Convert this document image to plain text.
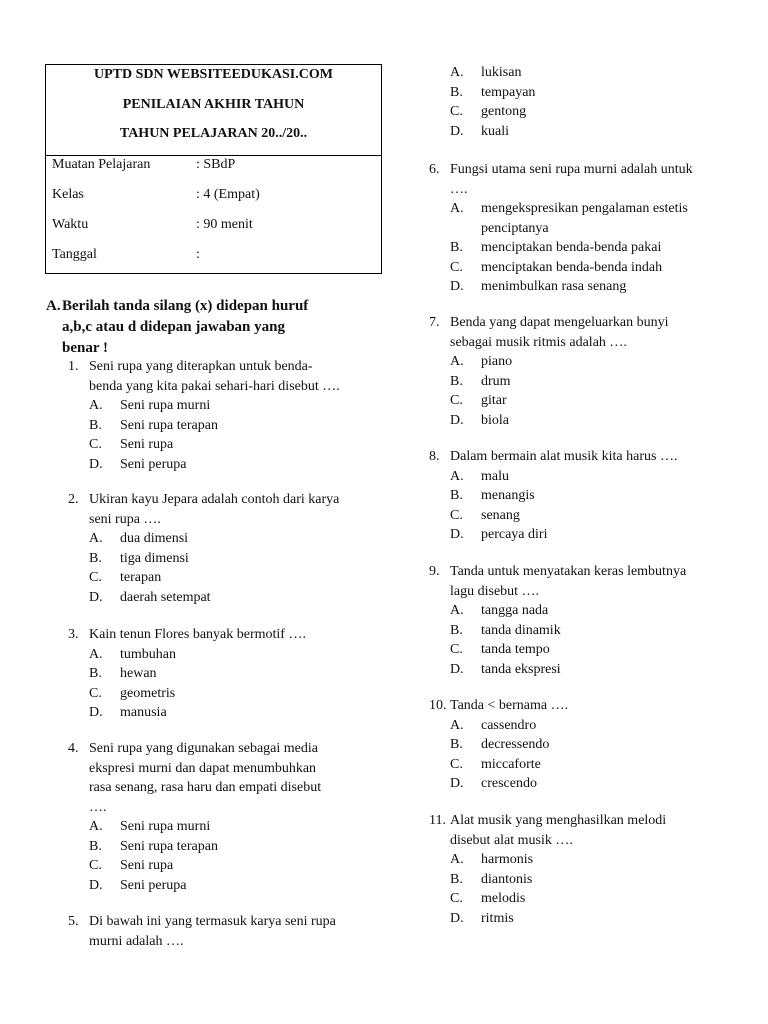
UPTD SDN WEBSITEEDUKASI.COM
PENILAIAN AKHIR TAHUN
TAHUN PELAJARAN 20../20..
Muatan Pelajaran	: SBdP
Kelas	: 4 (Empat)
Waktu	: 90 menit
Tanggal	:
A. Berilah tanda silang (x) didepan huruf
a,b,c atau d didepan jawaban yang
benar !
1. Seni rupa yang diterapkan untuk benda-
benda yang kita pakai sehari-hari disebut ….
A. Seni rupa murni
B. Seni rupa terapan
C. Seni rupa
D. Seni perupa
2. Ukiran kayu Jepara adalah contoh dari karya
seni rupa ….
A. dua dimensi
B. tiga dimensi
C. terapan
D. daerah setempat
3. Kain tenun Flores banyak bermotif ….
A. tumbuhan
B. hewan
C. geometris
D. manusia
4. Seni rupa yang digunakan sebagai media
ekspresi murni dan dapat menumbuhkan
rasa senang, rasa haru dan empati disebut
….
A. Seni rupa murni
B. Seni rupa terapan
C. Seni rupa
D. Seni perupa
5. Di bawah ini yang termasuk karya seni rupa
murni adalah ….
A. lukisan
B. tempayan
C. gentong
D. kuali
6. Fungsi utama seni rupa murni adalah untuk
….
A. mengekspresikan pengalaman estetis
penciptanya
B. menciptakan benda-benda pakai
C. menciptakan benda-benda indah
D. menimbulkan rasa senang
7. Benda yang dapat mengeluarkan bunyi
sebagai musik ritmis adalah ….
A. piano
B. drum
C. gitar
D. biola
8. Dalam bermain alat musik kita harus ….
A. malu
B. menangis
C. senang
D. percaya diri
9. Tanda untuk menyatakan keras lembutnya
lagu disebut ….
A. tangga nada
B. tanda dinamik
C. tanda tempo
D. tanda ekspresi
10. Tanda < bernama ….
A. cassendro
B. decressendo
C. miccaforte
D. crescendo
11. Alat musik yang menghasilkan melodi
disebut alat musik ….
A. harmonis
B. diantonis
C. melodis
D. ritmis
